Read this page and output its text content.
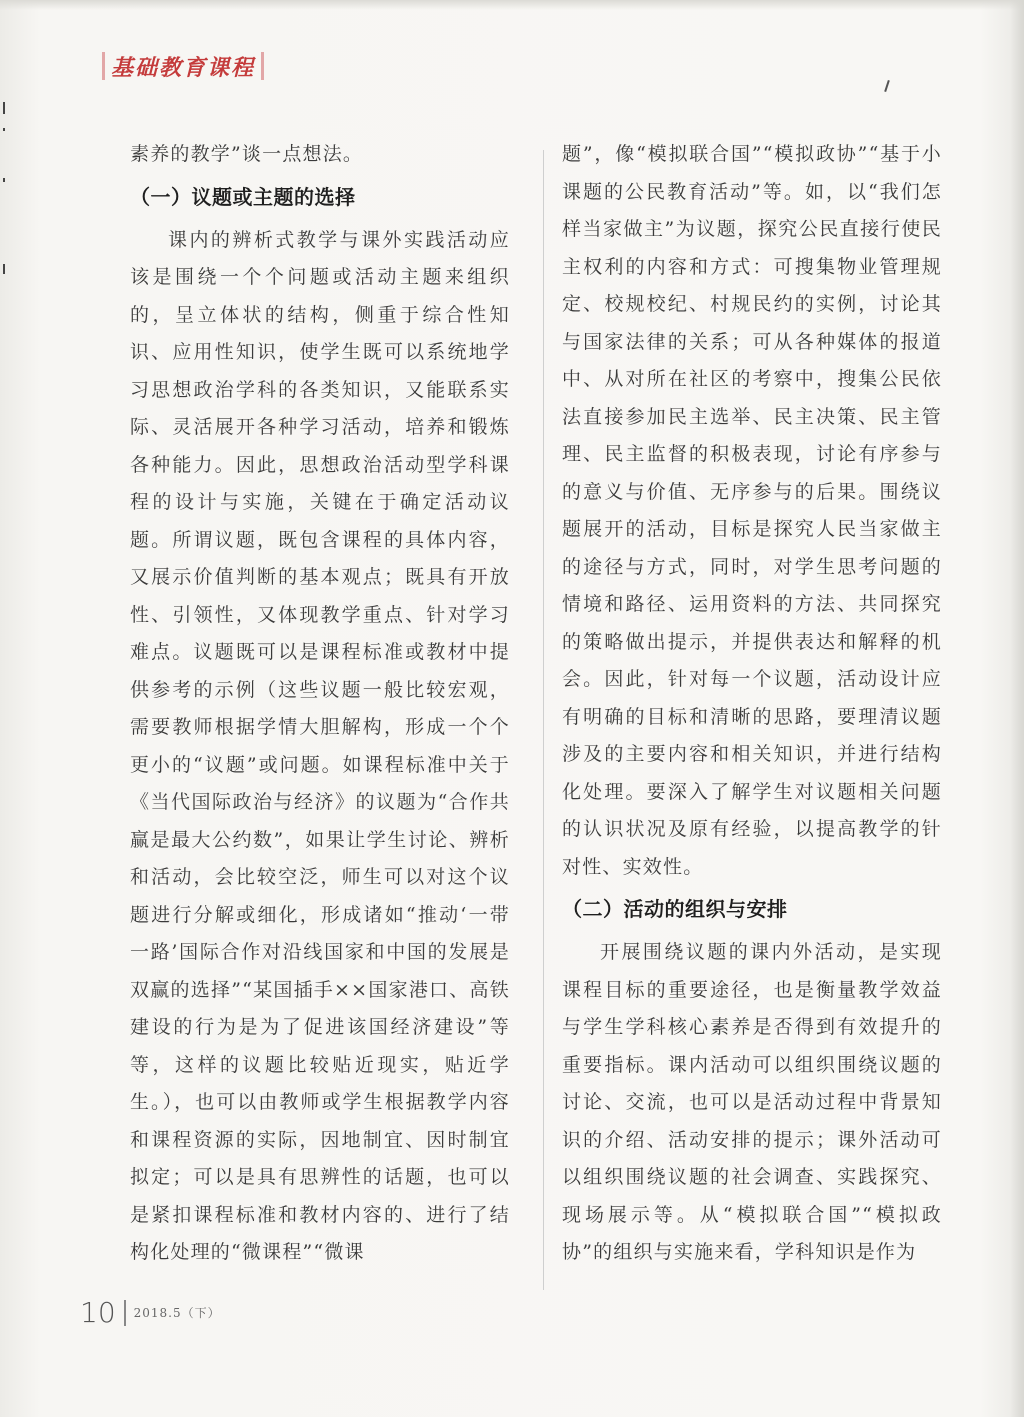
基础教育课程

素养的教学”谈一点想法。

（一）议题或主题的选择

课内的辨析式教学与课外实践活动应该是围绕一个个问题或活动主题来组织的，呈立体状的结构，侧重于综合性知识、应用性知识，使学生既可以系统地学习思想政治学科的各类知识，又能联系实际、灵活展开各种学习活动，培养和锻炼各种能力。因此，思想政治活动型学科课程的设计与实施，关键在于确定活动议题。所谓议题，既包含课程的具体内容，又展示价值判断的基本观点；既具有开放性、引领性，又体现教学重点、针对学习难点。议题既可以是课程标准或教材中提供参考的示例（这些议题一般比较宏观，需要教师根据学情大胆解构，形成一个个更小的“议题”或问题。如课程标准中关于《当代国际政治与经济》的议题为“合作共赢是最大公约数”，如果让学生讨论、辨析和活动，会比较空泛，师生可以对这个议题进行分解或细化，形成诸如“推动‘一带一路’国际合作对沿线国家和中国的发展是双赢的选择”“某国插手××国家港口、高铁建设的行为是为了促进该国经济建设”等等，这样的议题比较贴近现实，贴近学生。），也可以由教师或学生根据教学内容和课程资源的实际，因地制宜、因时制宜拟定；可以是具有思辨性的话题，也可以是紧扣课程标准和教材内容的、进行了结构化处理的“微课程”“微课

题”，像“模拟联合国”“模拟政协”“基于小课题的公民教育活动”等。如，以“我们怎样当家做主”为议题，探究公民直接行使民主权利的内容和方式：可搜集物业管理规定、校规校纪、村规民约的实例，讨论其与国家法律的关系；可从各种媒体的报道中、从对所在社区的考察中，搜集公民依法直接参加民主选举、民主决策、民主管理、民主监督的积极表现，讨论有序参与的意义与价值、无序参与的后果。围绕议题展开的活动，目标是探究人民当家做主的途径与方式，同时，对学生思考问题的情境和路径、运用资料的方法、共同探究的策略做出提示，并提供表达和解释的机会。因此，针对每一个议题，活动设计应有明确的目标和清晰的思路，要理清议题涉及的主要内容和相关知识，并进行结构化处理。要深入了解学生对议题相关问题的认识状况及原有经验，以提高教学的针对性、实效性。

（二）活动的组织与安排

开展围绕议题的课内外活动，是实现课程目标的重要途径，也是衡量教学效益与学生学科核心素养是否得到有效提升的重要指标。课内活动可以组织围绕议题的讨论、交流，也可以是活动过程中背景知识的介绍、活动安排的提示；课外活动可以组织围绕议题的社会调查、实践探究、现场展示等。从“模拟联合国”“模拟政协”的组织与实施来看，学科知识是作为

10 2018.5（下）
